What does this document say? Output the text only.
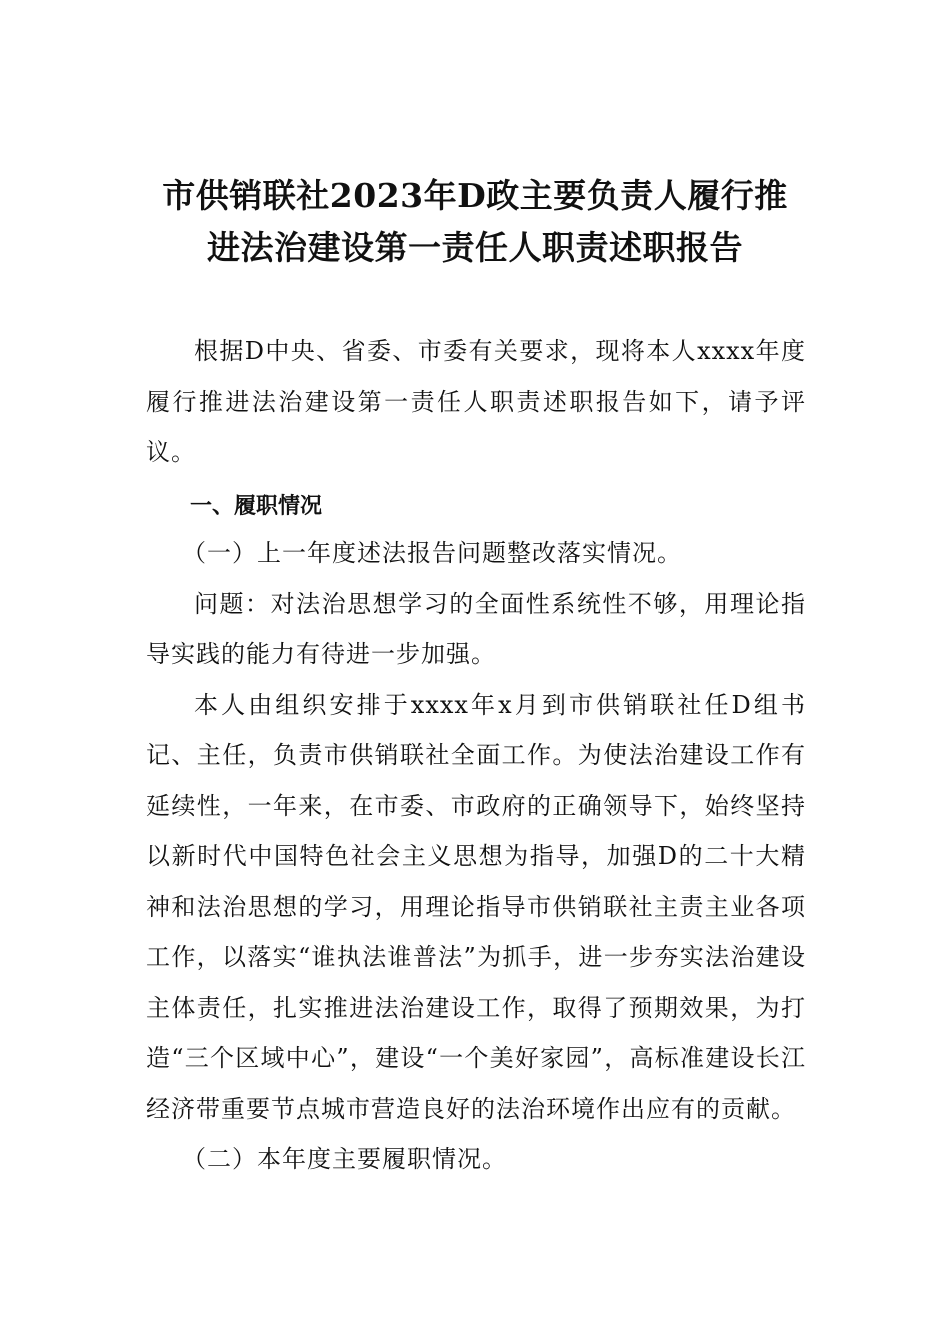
市供销联社2023年D政主要负责人履行推
进法治建设第一责任人职责述职报告

根据D中央、省委、市委有关要求，现将本人xxxx年度履行推进法治建设第一责任人职责述职报告如下，请予评议。

一、履职情况

（一）上一年度述法报告问题整改落实情况。

问题：对法治思想学习的全面性系统性不够，用理论指导实践的能力有待进一步加强。

本人由组织安排于xxxx年x月到市供销联社任D组书记、主任，负责市供销联社全面工作。为使法治建设工作有延续性，一年来，在市委、市政府的正确领导下，始终坚持以新时代中国特色社会主义思想为指导，加强D的二十大精神和法治思想的学习，用理论指导市供销联社主责主业各项工作，以落实“谁执法谁普法”为抓手，进一步夯实法治建设主体责任，扎实推进法治建设工作，取得了预期效果，为打造“三个区域中心”，建设“一个美好家园”，高标准建设长江经济带重要节点城市营造良好的法治环境作出应有的贡献。

（二）本年度主要履职情况。
